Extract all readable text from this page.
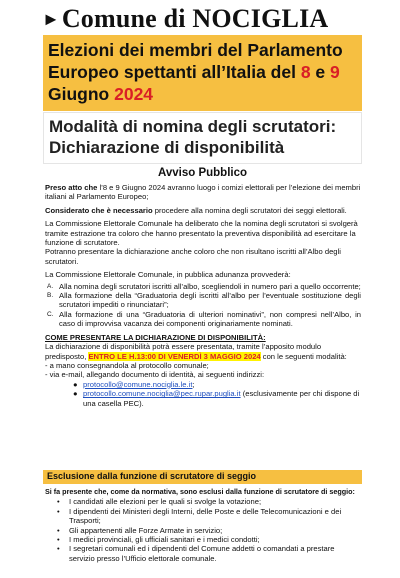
► Comune di NOCIGLIA
Elezioni dei membri del Parlamento Europeo spettanti all’Italia del 8 e 9 Giugno 2024
Modalità di nomina degli scrutatori: Dichiarazione di disponibilità
Avviso Pubblico

Preso atto che l’8 e 9 Giugno 2024 avranno luogo i comizi elettorali per l’elezione dei membri italiani al Parlamento Europeo;

Considerato che è necessario procedere alla nomina degli scrutatori dei seggi elettorali.

La Commissione Elettorale Comunale ha deliberato che la nomina degli scrutatori si svolgerà tramite estrazione tra coloro che hanno presentato la preventiva disponibilità ad esercitare la funzione di scrutatore.

Potranno presentare la dichiarazione anche coloro che non risultano iscritti all’Albo degli scrutatori.

La Commissione Elettorale Comunale, in pubblica adunanza provvederà:

A. Alla nomina degli scrutatori iscritti all’albo, scegliendoli in numero pari a quello occorrente;
B. Alla formazione della “Graduatoria degli iscritti all’albo per l’eventuale sostituzione degli scrutatori impediti o rinunciatari”;
C. Alla formazione di una “Graduatoria di ulteriori nominativi”, non compresi nell’Albo, in caso di improvvisa vacanza dei componenti originariamente nominati.
COME PRESENTARE LA DICHIARAZIONE DI DISPONIBILITÀ:

La dichiarazione di disponibilità potrà essere presentata, tramite l’apposito modulo predisposto, ENTRO LE H.13:00 DI VENERDÌ 3 MAGGIO 2024 con le seguenti modalità:

- a mano consegnandola al protocollo comunale;
- via e-mail, allegando documento di identità, ai seguenti indirizzi:
● protocollo@comune.nociglia.le.it;
● protocollo.comune.nociglia@pec.rupar.puglia.it (esclusivamente per chi dispone di una casella PEC).
Esclusione dalla funzione di scrutatore di seggio
Si fa presente che, come da normativa, sono esclusi dalla funzione di scrutatore di seggio:
•	I candidati alle elezioni per le quali si svolge la votazione;
•	I dipendenti dei Ministeri degli Interni, delle Poste e delle Telecomunicazioni e dei Trasporti;
•	Gli appartenenti alle Forze Armate in servizio;
•	I medici provinciali, gli ufficiali sanitari e i medici condotti;
•	I segretari comunali ed i dipendenti del Comune addetti o comandati a prestare servizio presso l’Ufficio elettorale comunale.
